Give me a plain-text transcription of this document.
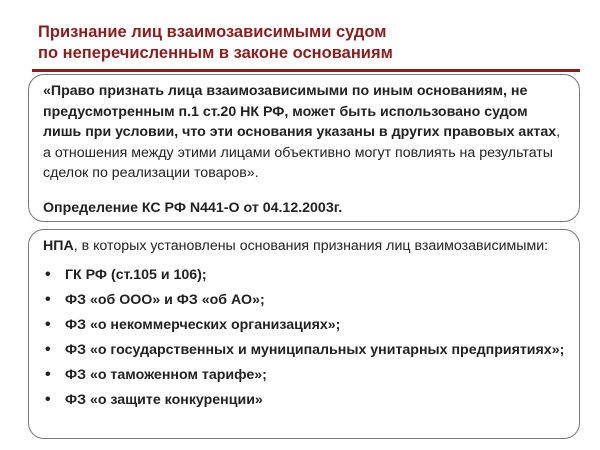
Признание лиц взаимозависимыми судом
по неперечисленным в законе основаниям

«Право признать лица взаимозависимыми по иным основаниям, не предусмотренным п.1 ст.20 НК РФ, может быть использовано судом лишь при условии, что эти основания указаны в других правовых актах, а отношения между этими лицами объективно могут повлиять на результаты сделок по реализации товаров».

Определение КС РФ N441-О от 04.12.2003г.

НПА, в которых установлены основания признания лиц взаимозависимыми:

• ГК РФ (ст.105 и 106);
• ФЗ «об ООО» и ФЗ «об АО»;
• ФЗ «о некоммерческих организациях»;
• ФЗ «о государственных и муниципальных унитарных предприятиях»;
• ФЗ «о таможенном тарифе»;
• ФЗ «о защите конкуренции»
